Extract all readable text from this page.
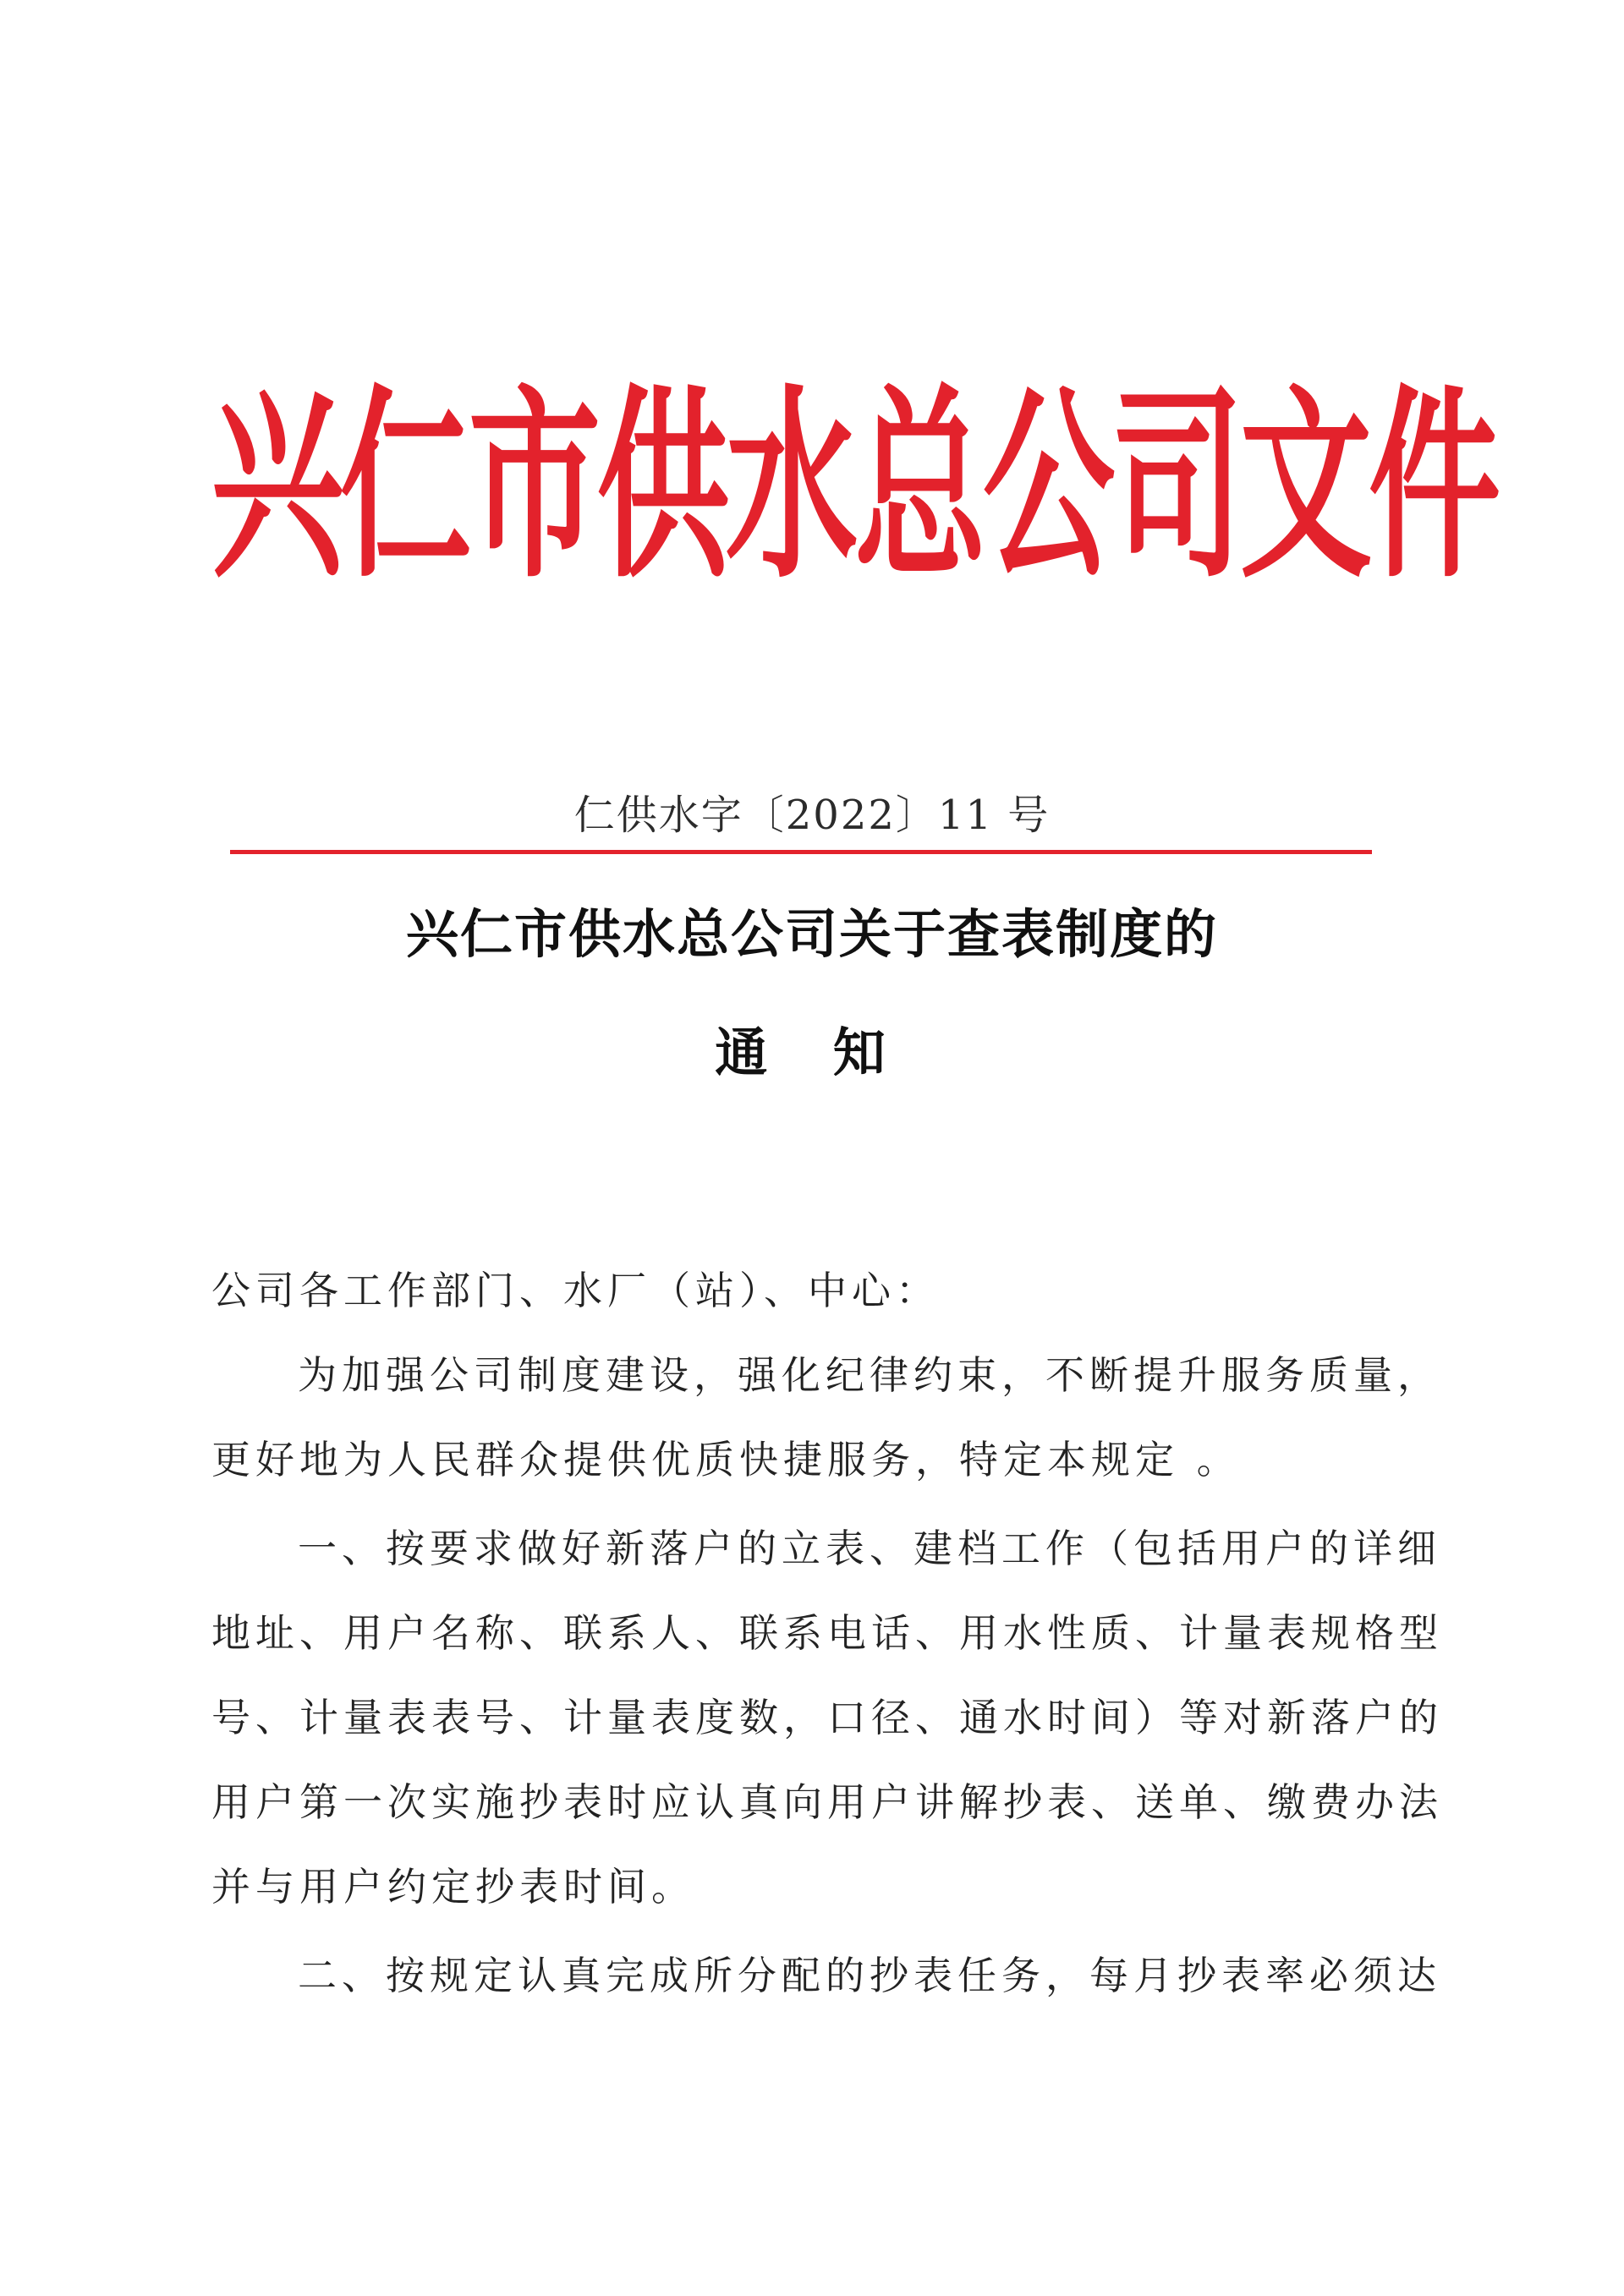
兴仁市供水总公司文件
仁供水字〔2022〕11 号
兴仁市供水总公司关于查表制度的
通 知
公司各工作部门、水厂（站）、中心：
为加强公司制度建设，强化纪律约束，不断提升服务质量，
更好地为人民群众提供优质快捷服务，特定本规定 。
一、按要求做好新落户的立表、建档工作（包括用户的详细
地址、用户名称、联系人、联系电话、用水性质、计量表规格型
号、计量表表号、计量表度数，口径、通水时间）等对新落户的
用户第一次实施抄表时应认真向用户讲解抄表、送单、缴费办法
并与用户约定抄表时间。
二、按规定认真完成所分配的抄表任务，每月抄表率必须达
